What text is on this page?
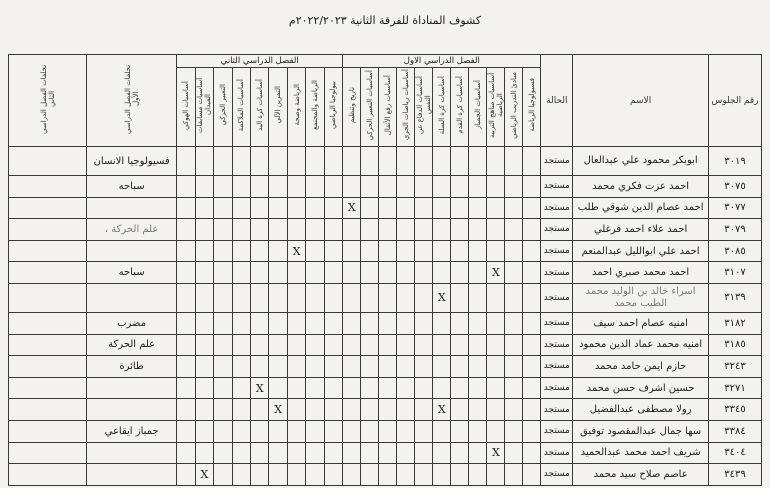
كشوف المناداة للفرقة الثانية ٢٠٢٢/٢٠٢٣م
رقم الجلوس	الاسم	الحالة	الفصل الدراسي الاول											الفصل الدراسي الثاني									تخلفات الفصل الدراسي الأول	تخلفات الفصل الدراسي الثاني
			فسيولوجيا الرياضة	مبادئ التدريب الرياضي	أساسيات مناهج التربية الرياضية	أساسيات الجمباز	أساسيات كرة القدم	أساسيات كرة السلة	أساسيات الدفاع عن النفس	أساسيات رياضات الجري	أساسيات رفع الأثقال	أساسيات التعبير الحركي	تاريخ وتنظيم	بيولوجيا الرياضي	الرياضة والمجتمع	الرياضة وصحة	التمرين الآلي	أساسيات كرة اليد	أساسيات الملاكمة	التعبير الحركي	أساسيات مسابقات الميدان	أساسيات الهوكي		
٣٠١٩	ابوبكر محمود علي عبدالعال	مستجد																					فسيولوجيا الانسان	
٣٠٧٥	احمد عزت فكري محمد	مستجد																					سباحه	
٣٠٧٧	احمد عصام الدين شوقي طلب	مستجد											X											
٣٠٧٩	احمد علاء احمد فرغلي	مستجد																					علم الحركة ،	
٣٠٨٥	احمد علي ابوالليل عبدالمنعم	مستجد														X								
٣١٠٧	احمد محمد صبري احمد	مستجد			X																		سباحه	
٣١٣٩	اسراء خالد بن الوليد محمد الطيب محمد	مستجد						X																
٣١٨٢	امنيه عصام احمد سيف	مستجد																					مضرب	
٣١٨٥	امنيه محمد عماد الدين محمود	مستجد																					علم الحركة	
٣٢٤٣	حازم ايمن حامد محمد	مستجد																					طائرة	
٣٢٧١	حسين اشرف حسن محمد	مستجد																X						
٣٣٤٥	رولا مصطفى عبدالفضيل	مستجد						X									X							
٣٣٨٤	سها جمال عبدالمقصود توفيق	مستجد																					جمباز ايقاعي	
٣٤٠٤	شريف احمد محمد عبدالحميد	مستجد			X																			
٣٤٣٩	عاصم صلاح سيد محمد	مستجد																			X			
